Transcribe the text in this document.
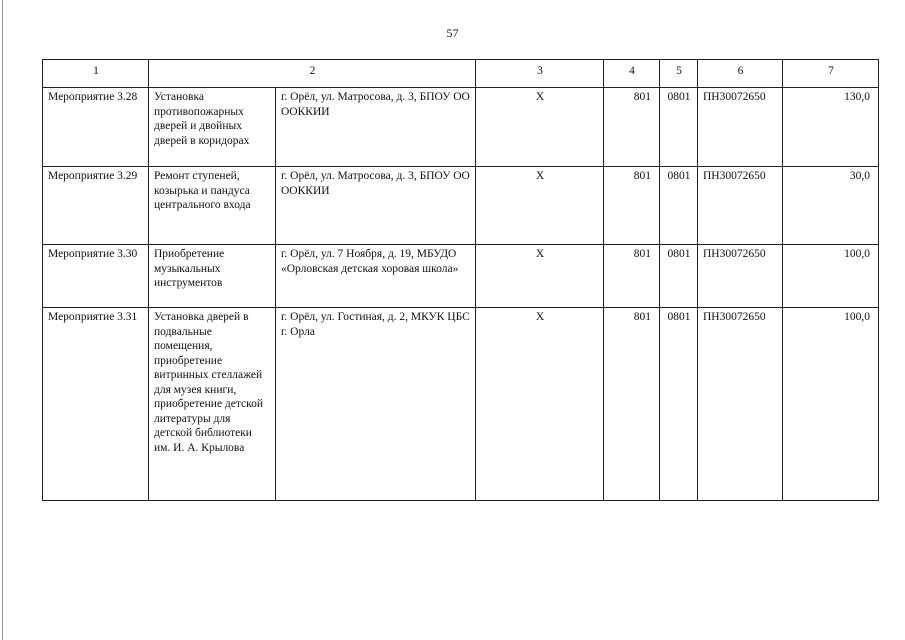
57
1	2		3	4	5	6	7
Мероприятие 3.28	Установка противопожарных дверей и двойных дверей в коридорах	г. Орёл, ул. Матросова, д. 3, БПОУ ОО ООККИИ	Х	801	0801	ПН30072650	130,0
Мероприятие 3.29	Ремонт ступеней, козырька и пандуса центрального входа	г. Орёл, ул. Матросова, д. 3, БПОУ ОО ООККИИ	Х	801	0801	ПН30072650	30,0
Мероприятие 3.30	Приобретение музыкальных инструментов	г. Орёл, ул. 7 Ноября, д. 19, МБУДО «Орловская детская хоровая школа»	Х	801	0801	ПН30072650	100,0
Мероприятие 3.31	Установка дверей в подвальные помещения, приобретение витринных стеллажей для музея книги, приобретение детской литературы для детской библиотеки им. И. А. Крылова	г. Орёл, ул. Гостиная, д. 2, МКУК ЦБС г. Орла	Х	801	0801	ПН30072650	100,0
